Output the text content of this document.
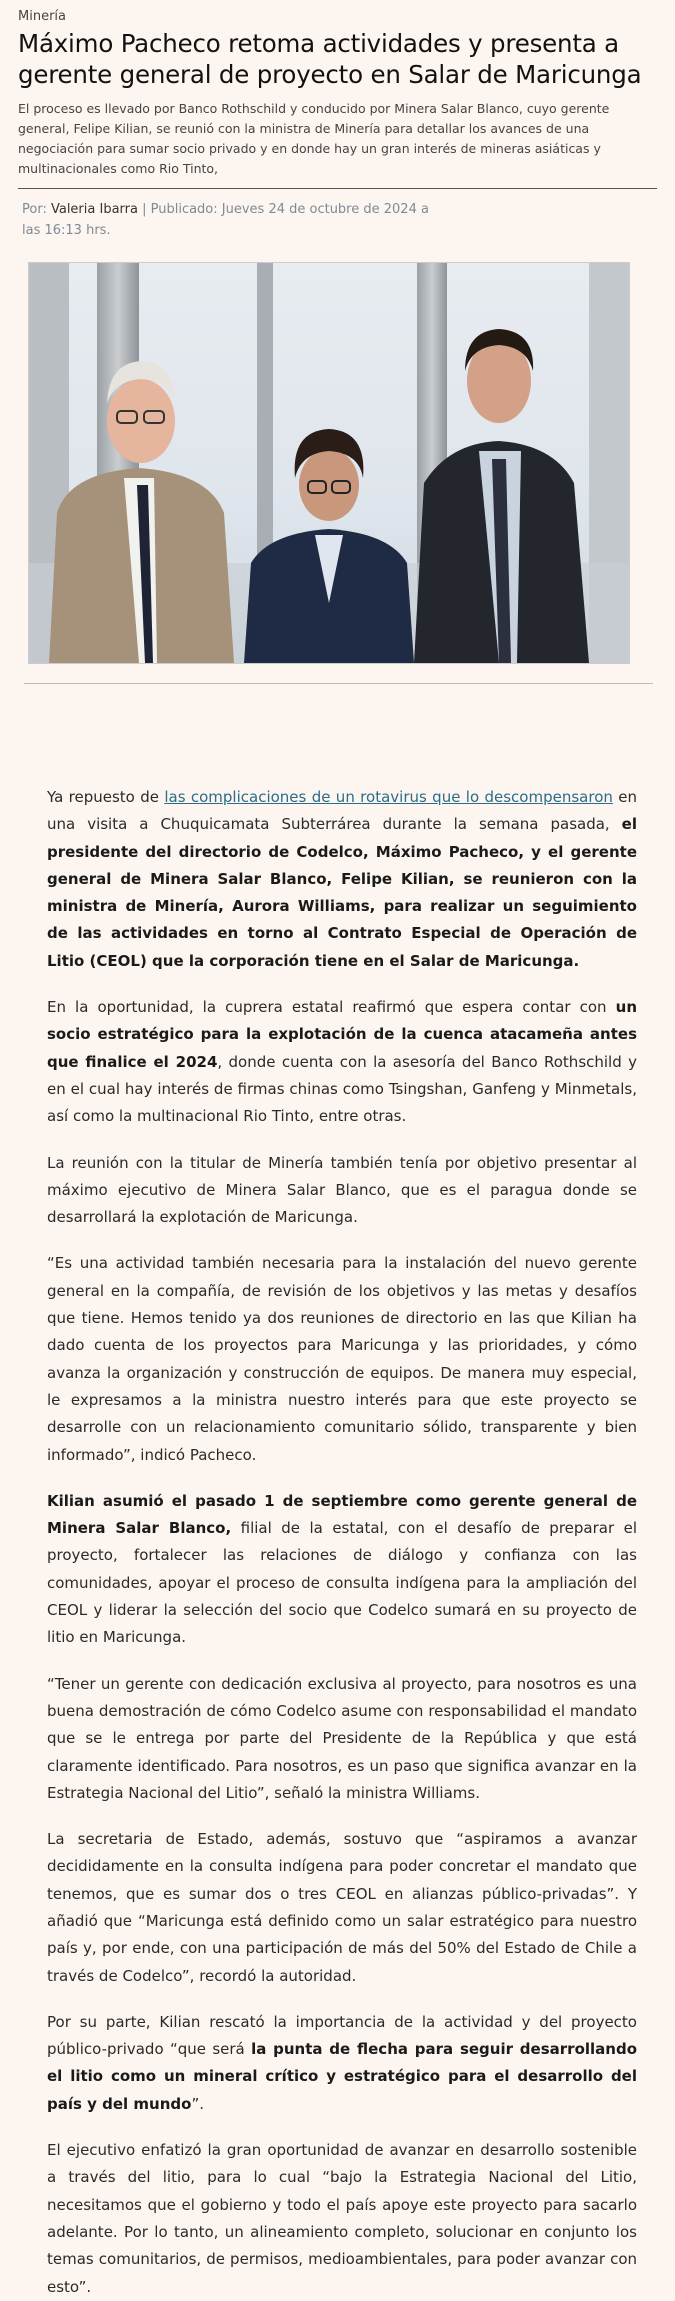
Minería
Máximo Pacheco retoma actividades y presenta a gerente general de proyecto en Salar de Maricunga

El proceso es llevado por Banco Rothschild y conducido por Minera Salar Blanco, cuyo gerente general, Felipe Kilian, se reunió con la ministra de Minería para detallar los avances de una negociación para sumar socio privado y en donde hay un gran interés de mineras asiáticas y multinacionales como Rio Tinto,

Por: Valeria Ibarra | Publicado: Jueves 24 de octubre de 2024 a las 16:13 hrs.

Ya repuesto de las complicaciones de un rotavirus que lo descompensaron en una visita a Chuquicamata Subterrárea durante la semana pasada, el presidente del directorio de Codelco, Máximo Pacheco, y el gerente general de Minera Salar Blanco, Felipe Kilian, se reunieron con la ministra de Minería, Aurora Williams, para realizar un seguimiento de las actividades en torno al Contrato Especial de Operación de Litio (CEOL) que la corporación tiene en el Salar de Maricunga.

En la oportunidad, la cuprera estatal reafirmó que espera contar con un socio estratégico para la explotación de la cuenca atacameña antes que finalice el 2024, donde cuenta con la asesoría del Banco Rothschild y en el cual hay interés de firmas chinas como Tsingshan, Ganfeng y Minmetals, así como la multinacional Rio Tinto, entre otras.

La reunión con la titular de Minería también tenía por objetivo presentar al máximo ejecutivo de Minera Salar Blanco, que es el paragua donde se desarrollará la explotación de Maricunga.

“Es una actividad también necesaria para la instalación del nuevo gerente general en la compañía, de revisión de los objetivos y las metas y desafíos que tiene. Hemos tenido ya dos reuniones de directorio en las que Kilian ha dado cuenta de los proyectos para Maricunga y las prioridades, y cómo avanza la organización y construcción de equipos. De manera muy especial, le expresamos a la ministra nuestro interés para que este proyecto se desarrolle con un relacionamiento comunitario sólido, transparente y bien informado”, indicó Pacheco.

Kilian asumió el pasado 1 de septiembre como gerente general de Minera Salar Blanco, filial de la estatal, con el desafío de preparar el proyecto, fortalecer las relaciones de diálogo y confianza con las comunidades, apoyar el proceso de consulta indígena para la ampliación del CEOL y liderar la selección del socio que Codelco sumará en su proyecto de litio en Maricunga.

“Tener un gerente con dedicación exclusiva al proyecto, para nosotros es una buena demostración de cómo Codelco asume con responsabilidad el mandato que se le entrega por parte del Presidente de la República y que está claramente identificado. Para nosotros, es un paso que significa avanzar en la Estrategia Nacional del Litio”, señaló la ministra Williams.

La secretaria de Estado, además, sostuvo que “aspiramos a avanzar decididamente en la consulta indígena para poder concretar el mandato que tenemos, que es sumar dos o tres CEOL en alianzas público-privadas”. Y añadió que “Maricunga está definido como un salar estratégico para nuestro país y, por ende, con una participación de más del 50% del Estado de Chile a través de Codelco”, recordó la autoridad.

Por su parte, Kilian rescató la importancia de la actividad y del proyecto público-privado “que será la punta de flecha para seguir desarrollando el litio como un mineral crítico y estratégico para el desarrollo del país y del mundo”.

El ejecutivo enfatizó la gran oportunidad de avanzar en desarrollo sostenible a través del litio, para lo cual “bajo la Estrategia Nacional del Litio, necesitamos que el gobierno y todo el país apoye este proyecto para sacarlo adelante. Por lo tanto, un alineamiento completo, solucionar en conjunto los temas comunitarios, de permisos, medioambientales, para poder avanzar con esto”.
